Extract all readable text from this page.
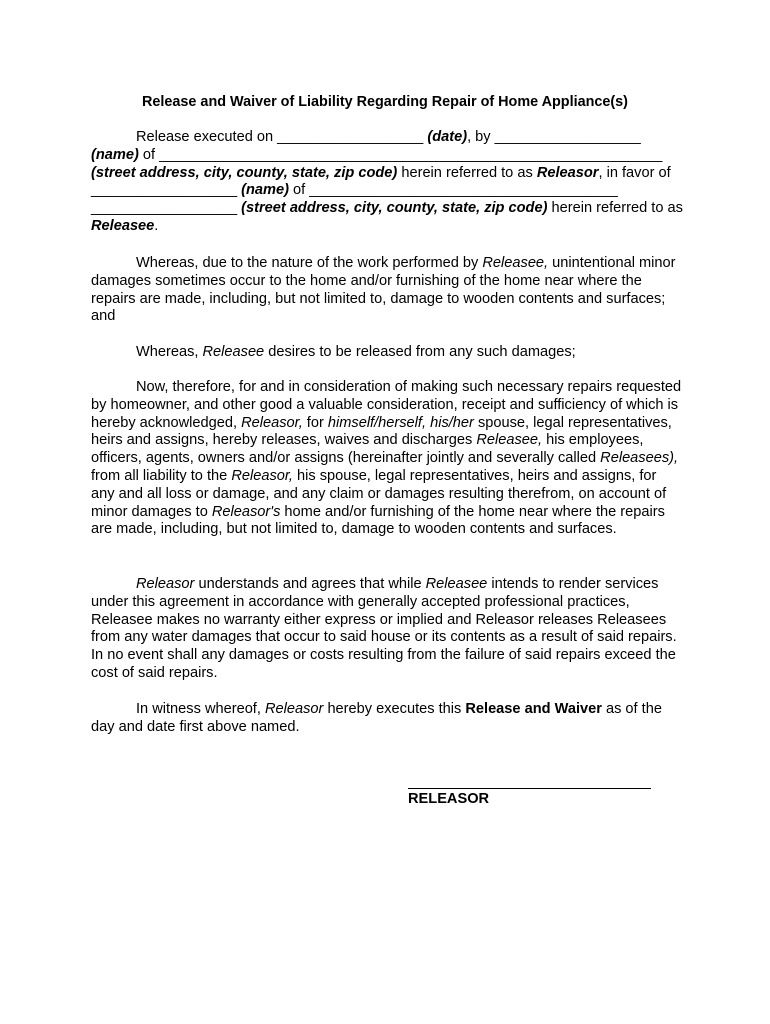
Release and Waiver of Liability Regarding Repair of Home Appliance(s)
Release executed on __________________ (date), by __________________ (name) of ______________________________________________________________ (street address, city, county, state, zip code) herein referred to as Releasor, in favor of __________________ (name) of ______________________________________ __________________ (street address, city, county, state, zip code) herein referred to as Releasee.
Whereas, due to the nature of the work performed by Releasee, unintentional minor damages sometimes occur to the home and/or furnishing of the home near where the repairs are made, including, but not limited to, damage to wooden contents and surfaces; and
Whereas, Releasee desires to be released from any such damages;
Now, therefore, for and in consideration of making such necessary repairs requested by homeowner, and other good a valuable consideration, receipt and sufficiency of which is hereby acknowledged, Releasor, for himself/herself, his/her spouse, legal representatives, heirs and assigns, hereby releases, waives and discharges Releasee, his employees, officers, agents, owners and/or assigns (hereinafter jointly and severally called Releasees), from all liability to the Releasor, his spouse, legal representatives, heirs and assigns, for any and all loss or damage, and any claim or damages resulting therefrom, on account of minor damages to Releasor's home and/or furnishing of the home near where the repairs are made, including, but not limited to, damage to wooden contents and surfaces.
Releasor understands and agrees that while Releasee intends to render services under this agreement in accordance with generally accepted professional practices, Releasee makes no warranty either express or implied and Releasor releases Releasees from any water damages that occur to said house or its contents as a result of said repairs. In no event shall any damages or costs resulting from the failure of said repairs exceed the cost of said repairs.
In witness whereof, Releasor hereby executes this Release and Waiver as of the day and date first above named.
RELEASOR
